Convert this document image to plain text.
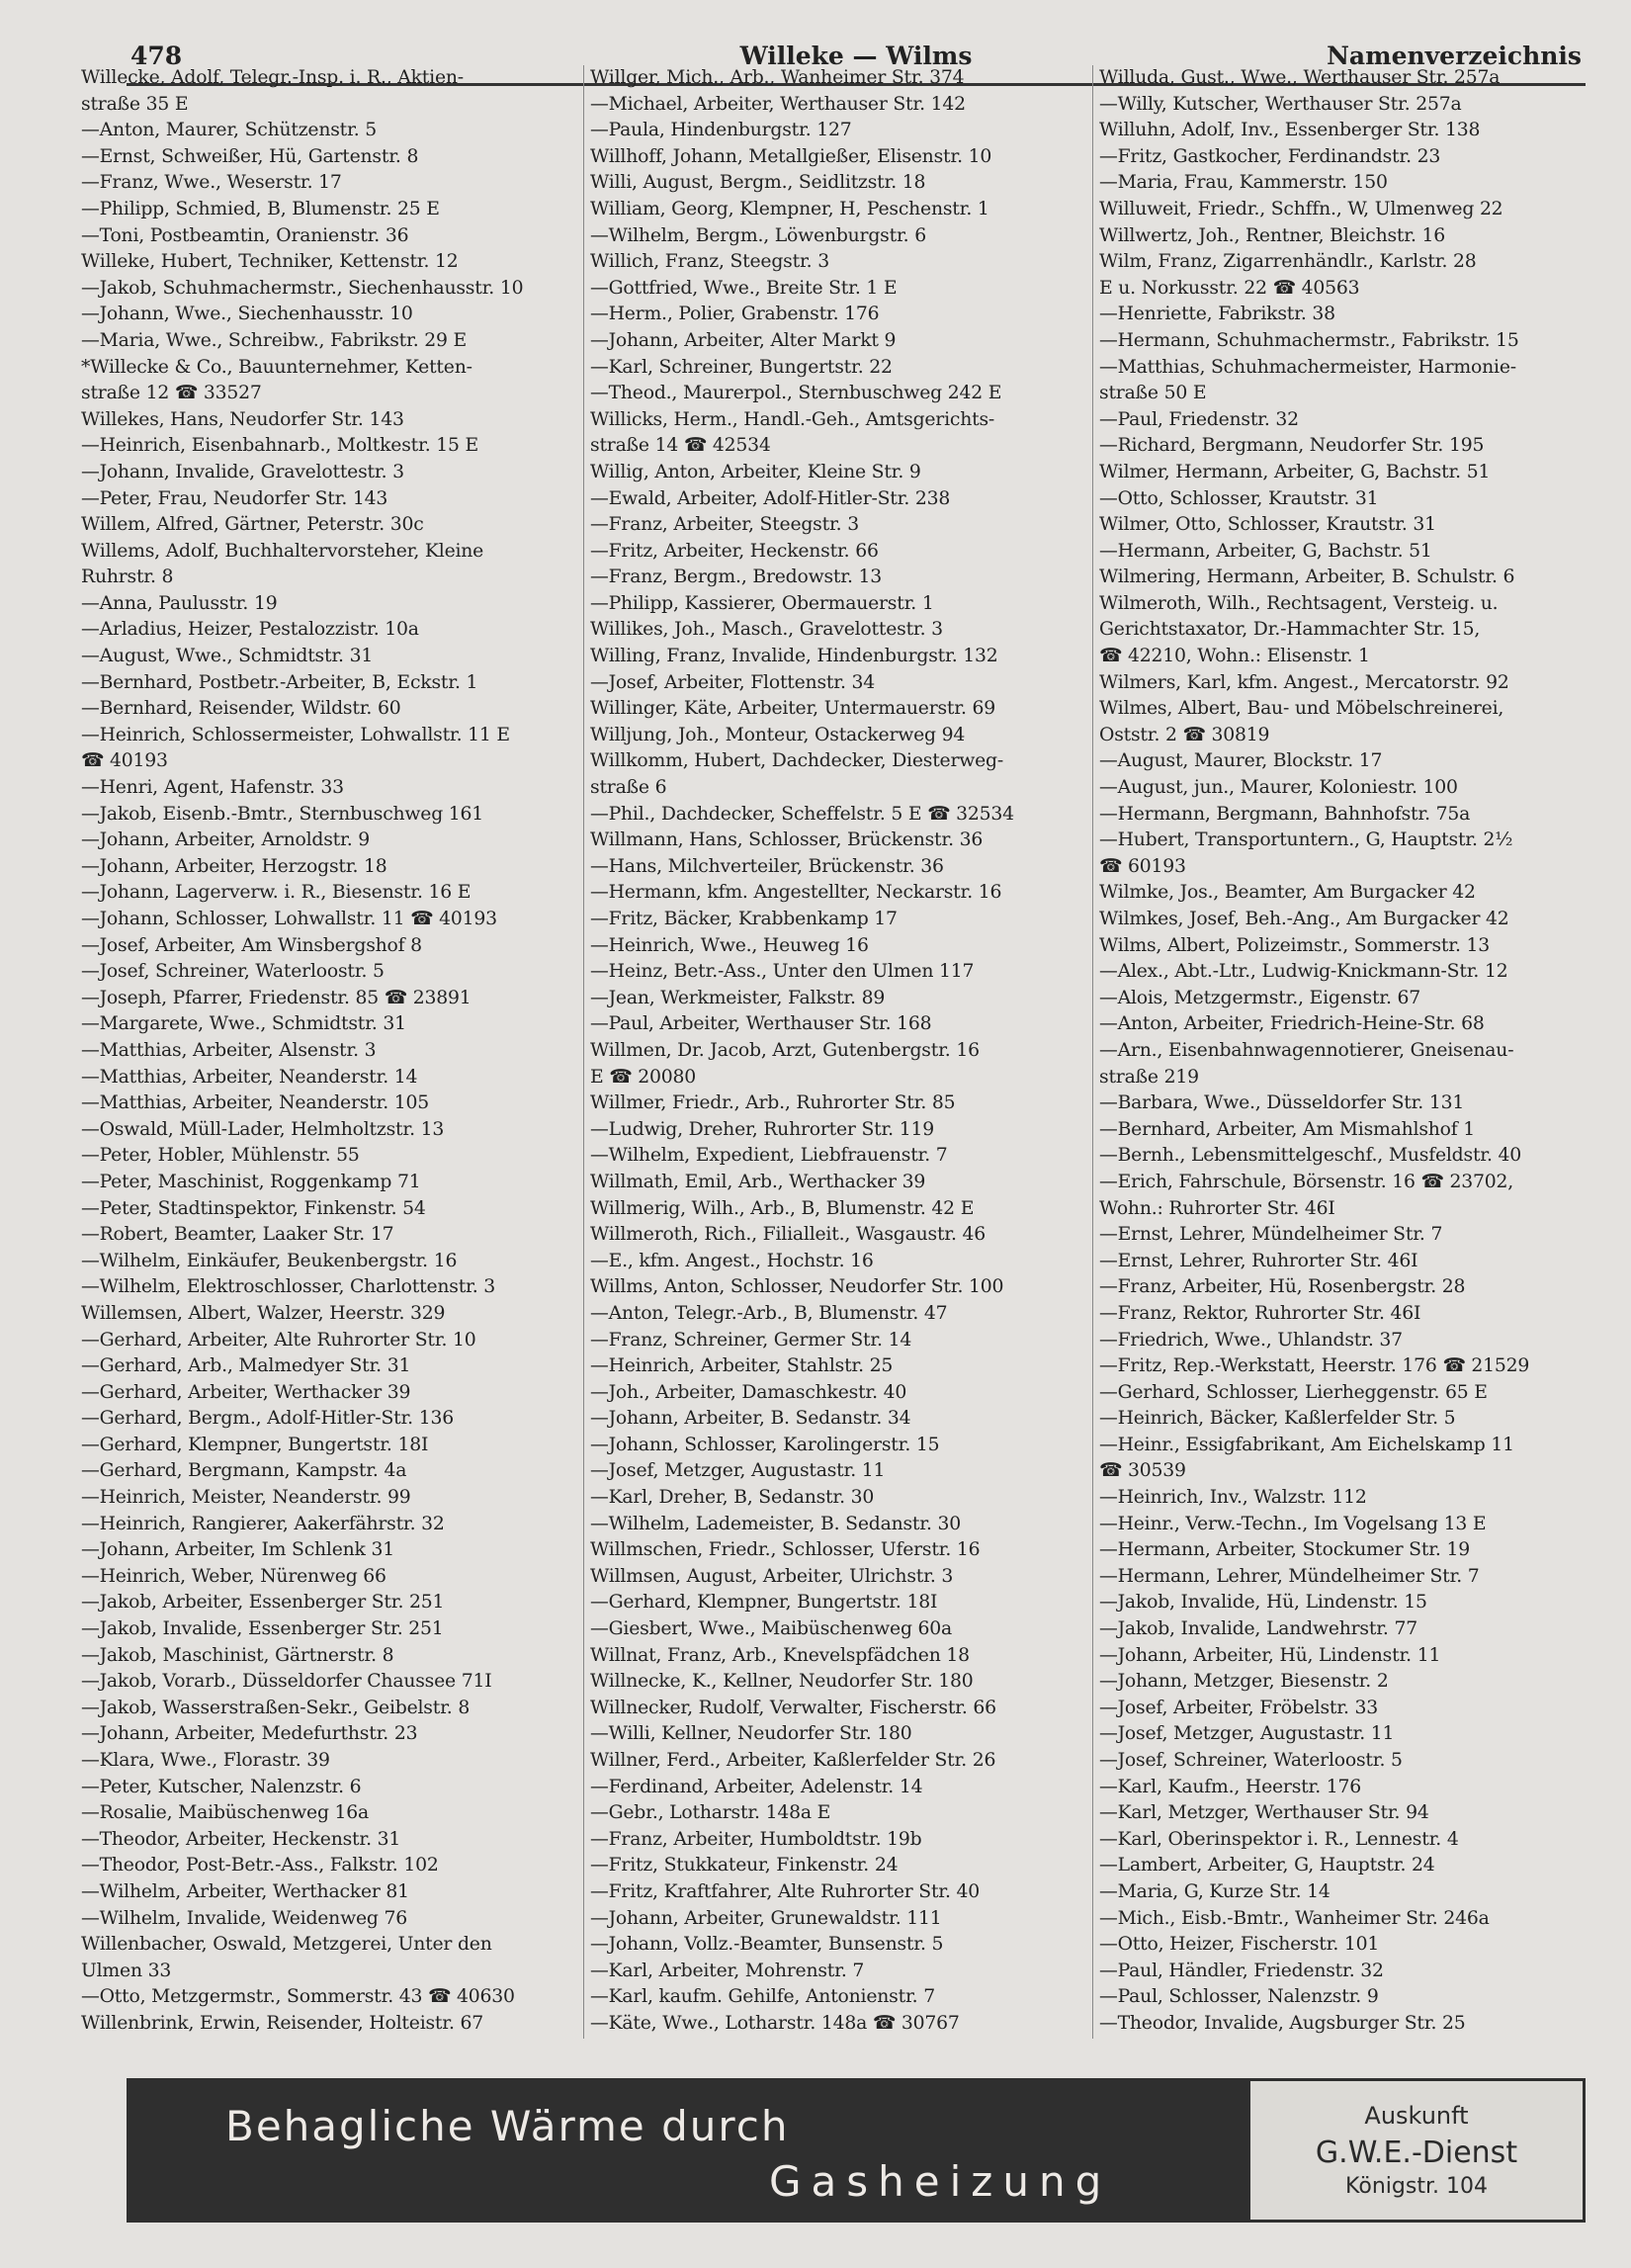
Willeke — Wilms
478	Namenverzeichnis
Willecke, Adolf, Telegr.-Insp. i. R., Aktien-
straße 35 E
—Anton, Maurer, Schützenstr. 5
—Ernst, Schweißer, Hü, Gartenstr. 8
—Franz, Wwe., Weserstr. 17
—Philipp, Schmied, B, Blumenstr. 25 E
—Toni, Postbeamtin, Oranienstr. 36
Willeke, Hubert, Techniker, Kettenstr. 12
—Jakob, Schuhmachermstr., Siechenhausstr. 10
—Johann, Wwe., Siechenhausstr. 10
—Maria, Wwe., Schreibw., Fabrikstr. 29 E
*Willecke & Co., Bauunternehmer, Ketten-
straße 12 ☎ 33527
Willekes, Hans, Neudorfer Str. 143
—Heinrich, Eisenbahnarb., Moltkestr. 15 E
—Johann, Invalide, Gravelottestr. 3
—Peter, Frau, Neudorfer Str. 143
Willem, Alfred, Gärtner, Peterstr. 30c
Willems, Adolf, Buchhaltervorsteher, Kleine
Ruhrstr. 8
—Anna, Paulusstr. 19
—Arladius, Heizer, Pestalozzistr. 10a
—August, Wwe., Schmidtstr. 31
—Bernhard, Postbetr.-Arbeiter, B, Eckstr. 1
—Bernhard, Reisender, Wildstr. 60
—Heinrich, Schlossermeister, Lohwallstr. 11 E
☎ 40193
—Henri, Agent, Hafenstr. 33
—Jakob, Eisenb.-Bmtr., Sternbuschweg 161
—Johann, Arbeiter, Arnoldstr. 9
—Johann, Arbeiter, Herzogstr. 18
—Johann, Lagerverw. i. R., Biesenstr. 16 E
—Johann, Schlosser, Lohwallstr. 11 ☎ 40193
—Josef, Arbeiter, Am Winsbergshof 8
—Josef, Schreiner, Waterloostr. 5
—Joseph, Pfarrer, Friedenstr. 85 ☎ 23891
—Margarete, Wwe., Schmidtstr. 31
—Matthias, Arbeiter, Alsenstr. 3
—Matthias, Arbeiter, Neanderstr. 14
—Matthias, Arbeiter, Neanderstr. 105
—Oswald, Müll-Lader, Helmholtzstr. 13
—Peter, Hobler, Mühlenstr. 55
—Peter, Maschinist, Roggenkamp 71
—Peter, Stadtinspektor, Finkenstr. 54
—Robert, Beamter, Laaker Str. 17
—Wilhelm, Einkäufer, Beukenbergstr. 16
—Wilhelm, Elektroschlosser, Charlottenstr. 3
Willemsen, Albert, Walzer, Heerstr. 329
—Gerhard, Arbeiter, Alte Ruhrorter Str. 10
—Gerhard, Arb., Malmedyer Str. 31
—Gerhard, Arbeiter, Werthacker 39
—Gerhard, Bergm., Adolf-Hitler-Str. 136
—Gerhard, Klempner, Bungertstr. 18I
—Gerhard, Bergmann, Kampstr. 4a
—Heinrich, Meister, Neanderstr. 99
—Heinrich, Rangierer, Aakerfährstr. 32
—Johann, Arbeiter, Im Schlenk 31
—Heinrich, Weber, Nürenweg 66
—Jakob, Arbeiter, Essenberger Str. 251
—Jakob, Invalide, Essenberger Str. 251
—Jakob, Maschinist, Gärtnerstr. 8
—Jakob, Vorarb., Düsseldorfer Chaussee 71I
—Jakob, Wasserstraßen-Sekr., Geibelstr. 8
—Johann, Arbeiter, Medefurthstr. 23
—Klara, Wwe., Florastr. 39
—Peter, Kutscher, Nalenzstr. 6
—Rosalie, Maibüschenweg 16a
—Theodor, Arbeiter, Heckenstr. 31
—Theodor, Post-Betr.-Ass., Falkstr. 102
—Wilhelm, Arbeiter, Werthacker 81
—Wilhelm, Invalide, Weidenweg 76
Willenbacher, Oswald, Metzgerei, Unter den
Ulmen 33
—Otto, Metzgermstr., Sommerstr. 43 ☎ 40630
Willenbrink, Erwin, Reisender, Holteistr. 67
Willger, Mich., Arb., Wanheimer Str. 374
—Michael, Arbeiter, Werthauser Str. 142
—Paula, Hindenburgstr. 127
Willhoff, Johann, Metallgießer, Elisenstr. 10
Willi, August, Bergm., Seidlitzstr. 18
William, Georg, Klempner, H, Peschenstr. 1
—Wilhelm, Bergm., Löwenburgstr. 6
Willich, Franz, Steegstr. 3
—Gottfried, Wwe., Breite Str. 1 E
—Herm., Polier, Grabenstr. 176
—Johann, Arbeiter, Alter Markt 9
—Karl, Schreiner, Bungertstr. 22
—Theod., Maurerpol., Sternbuschweg 242 E
Willicks, Herm., Handl.-Geh., Amtsgerichts-
straße 14 ☎ 42534
Willig, Anton, Arbeiter, Kleine Str. 9
—Ewald, Arbeiter, Adolf-Hitler-Str. 238
—Franz, Arbeiter, Steegstr. 3
—Fritz, Arbeiter, Heckenstr. 66
—Franz, Bergm., Bredowstr. 13
—Philipp, Kassierer, Obermauerstr. 1
Willikes, Joh., Masch., Gravelottestr. 3
Willing, Franz, Invalide, Hindenburgstr. 132
—Josef, Arbeiter, Flottenstr. 34
Willinger, Käte, Arbeiter, Untermauerstr. 69
Willjung, Joh., Monteur, Ostackerweg 94
Willkomm, Hubert, Dachdecker, Diesterweg-
straße 6
—Phil., Dachdecker, Scheffelstr. 5 E ☎ 32534
Willmann, Hans, Schlosser, Brückenstr. 36
—Hans, Milchverteiler, Brückenstr. 36
—Hermann, kfm. Angestellter, Neckarstr. 16
—Fritz, Bäcker, Krabbenkamp 17
—Heinrich, Wwe., Heuweg 16
—Heinz, Betr.-Ass., Unter den Ulmen 117
—Jean, Werkmeister, Falkstr. 89
—Paul, Arbeiter, Werthauser Str. 168
Willmen, Dr. Jacob, Arzt, Gutenbergstr. 16
E ☎ 20080
Willmer, Friedr., Arb., Ruhrorter Str. 85
—Ludwig, Dreher, Ruhrorter Str. 119
—Wilhelm, Expedient, Liebfrauenstr. 7
Willmath, Emil, Arb., Werthacker 39
Willmerig, Wilh., Arb., B, Blumenstr. 42 E
Willmeroth, Rich., Filialleit., Wasgaustr. 46
—E., kfm. Angest., Hochstr. 16
Willms, Anton, Schlosser, Neudorfer Str. 100
—Anton, Telegr.-Arb., B, Blumenstr. 47
—Franz, Schreiner, Germer Str. 14
—Heinrich, Arbeiter, Stahlstr. 25
—Joh., Arbeiter, Damaschkestr. 40
—Johann, Arbeiter, B. Sedanstr. 34
—Johann, Schlosser, Karolingerstr. 15
—Josef, Metzger, Augustastr. 11
—Karl, Dreher, B, Sedanstr. 30
—Wilhelm, Lademeister, B. Sedanstr. 30
Willmschen, Friedr., Schlosser, Uferstr. 16
Willmsen, August, Arbeiter, Ulrichstr. 3
—Gerhard, Klempner, Bungertstr. 18I
—Giesbert, Wwe., Maibüschenweg 60a
Willnat, Franz, Arb., Knevelspfädchen 18
Willnecke, K., Kellner, Neudorfer Str. 180
Willnecker, Rudolf, Verwalter, Fischerstr. 66
—Willi, Kellner, Neudorfer Str. 180
Willner, Ferd., Arbeiter, Kaßlerfelder Str. 26
—Ferdinand, Arbeiter, Adelenstr. 14
—Gebr., Lotharstr. 148a E
—Franz, Arbeiter, Humboldtstr. 19b
—Fritz, Stukkateur, Finkenstr. 24
—Fritz, Kraftfahrer, Alte Ruhrorter Str. 40
—Johann, Arbeiter, Grunewaldstr. 111
—Johann, Vollz.-Beamter, Bunsenstr. 5
—Karl, Arbeiter, Mohrenstr. 7
—Karl, kaufm. Gehilfe, Antonienstr. 7
—Käte, Wwe., Lotharstr. 148a ☎ 30767
Willuda, Gust., Wwe., Werthauser Str. 257a
—Willy, Kutscher, Werthauser Str. 257a
Willuhn, Adolf, Inv., Essenberger Str. 138
—Fritz, Gastkocher, Ferdinandstr. 23
—Maria, Frau, Kammerstr. 150
Willuweit, Friedr., Schffn., W, Ulmenweg 22
Willwertz, Joh., Rentner, Bleichstr. 16
Wilm, Franz, Zigarrenhändlr., Karlstr. 28
E u. Norkusstr. 22 ☎ 40563
—Henriette, Fabrikstr. 38
—Hermann, Schuhmachermstr., Fabrikstr. 15
—Matthias, Schuhmachermeister, Harmonie-
straße 50 E
—Paul, Friedenstr. 32
—Richard, Bergmann, Neudorfer Str. 195
Wilmer, Hermann, Arbeiter, G, Bachstr. 51
—Otto, Schlosser, Krautstr. 31
Wilmer, Otto, Schlosser, Krautstr. 31
—Hermann, Arbeiter, G, Bachstr. 51
Wilmering, Hermann, Arbeiter, B. Schulstr. 6
Wilmeroth, Wilh., Rechtsagent, Versteig. u.
Gerichtstaxator, Dr.-Hammachter Str. 15,
☎ 42210, Wohn.: Elisenstr. 1
Wilmers, Karl, kfm. Angest., Mercatorstr. 92
Wilmes, Albert, Bau- und Möbelschreinerei,
Oststr. 2 ☎ 30819
—August, Maurer, Blockstr. 17
—August, jun., Maurer, Koloniestr. 100
—Hermann, Bergmann, Bahnhofstr. 75a
—Hubert, Transportuntern., G, Hauptstr. 2½
☎ 60193
Wilmke, Jos., Beamter, Am Burgacker 42
Wilmkes, Josef, Beh.-Ang., Am Burgacker 42
Wilms, Albert, Polizeimstr., Sommerstr. 13
—Alex., Abt.-Ltr., Ludwig-Knickmann-Str. 12
—Alois, Metzgermstr., Eigenstr. 67
—Anton, Arbeiter, Friedrich-Heine-Str. 68
—Arn., Eisenbahnwagennotierer, Gneisenau-
straße 219
—Barbara, Wwe., Düsseldorfer Str. 131
—Bernhard, Arbeiter, Am Mismahlshof 1
—Bernh., Lebensmittelgeschf., Musfeldstr. 40
—Erich, Fahrschule, Börsenstr. 16 ☎ 23702,
Wohn.: Ruhrorter Str. 46I
—Ernst, Lehrer, Mündelheimer Str. 7
—Ernst, Lehrer, Ruhrorter Str. 46I
—Franz, Arbeiter, Hü, Rosenbergstr. 28
—Franz, Rektor, Ruhrorter Str. 46I
—Friedrich, Wwe., Uhlandstr. 37
—Fritz, Rep.-Werkstatt, Heerstr. 176 ☎ 21529
—Gerhard, Schlosser, Lierheggenstr. 65 E
—Heinrich, Bäcker, Kaßlerfelder Str. 5
—Heinr., Essigfabrikant, Am Eichelskamp 11
☎ 30539
—Heinrich, Inv., Walzstr. 112
—Heinr., Verw.-Techn., Im Vogelsang 13 E
—Hermann, Arbeiter, Stockumer Str. 19
—Hermann, Lehrer, Mündelheimer Str. 7
—Jakob, Invalide, Hü, Lindenstr. 15
—Jakob, Invalide, Landwehrstr. 77
—Johann, Arbeiter, Hü, Lindenstr. 11
—Johann, Metzger, Biesenstr. 2
—Josef, Arbeiter, Fröbelstr. 33
—Josef, Metzger, Augustastr. 11
—Josef, Schreiner, Waterloostr. 5
—Karl, Kaufm., Heerstr. 176
—Karl, Metzger, Werthauser Str. 94
—Karl, Oberinspektor i. R., Lennestr. 4
—Lambert, Arbeiter, G, Hauptstr. 24
—Maria, G, Kurze Str. 14
—Mich., Eisb.-Bmtr., Wanheimer Str. 246a
—Otto, Heizer, Fischerstr. 101
—Paul, Händler, Friedenstr. 32
—Paul, Schlosser, Nalenzstr. 9
—Theodor, Invalide, Augsburger Str. 25
Behagliche Wärme durch
Gasheizung
Auskunft
G.W.E.-Dienst
Königstr. 104
